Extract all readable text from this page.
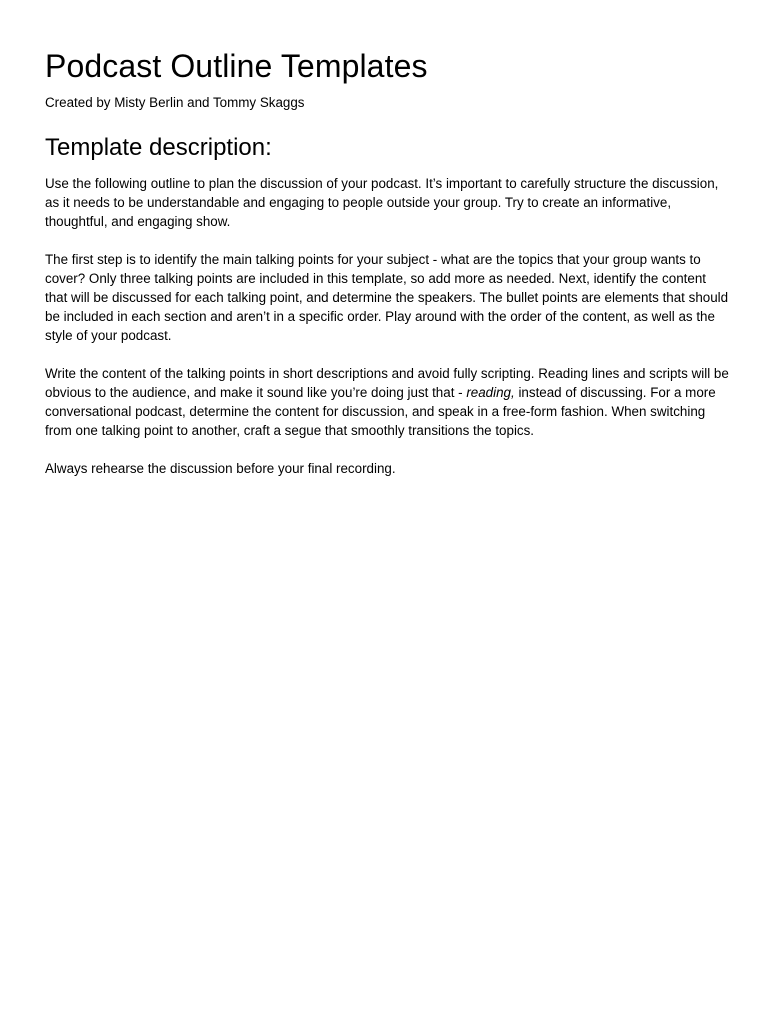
Podcast Outline Templates

Created by Misty Berlin and Tommy Skaggs

Template description:

Use the following outline to plan the discussion of your podcast. It’s important to carefully structure the discussion, as it needs to be understandable and engaging to people outside your group. Try to create an informative, thoughtful, and engaging show.

The first step is to identify the main talking points for your subject - what are the topics that your group wants to cover? Only three talking points are included in this template, so add more as needed. Next, identify the content that will be discussed for each talking point, and determine the speakers. The bullet points are elements that should be included in each section and aren’t in a specific order. Play around with the order of the content, as well as the style of your podcast.

Write the content of the talking points in short descriptions and avoid fully scripting. Reading lines and scripts will be obvious to the audience, and make it sound like you’re doing just that - reading, instead of discussing. For a more conversational podcast, determine the content for discussion, and speak in a free-form fashion. When switching from one talking point to another, craft a segue that smoothly transitions the topics.

Always rehearse the discussion before your final recording.
